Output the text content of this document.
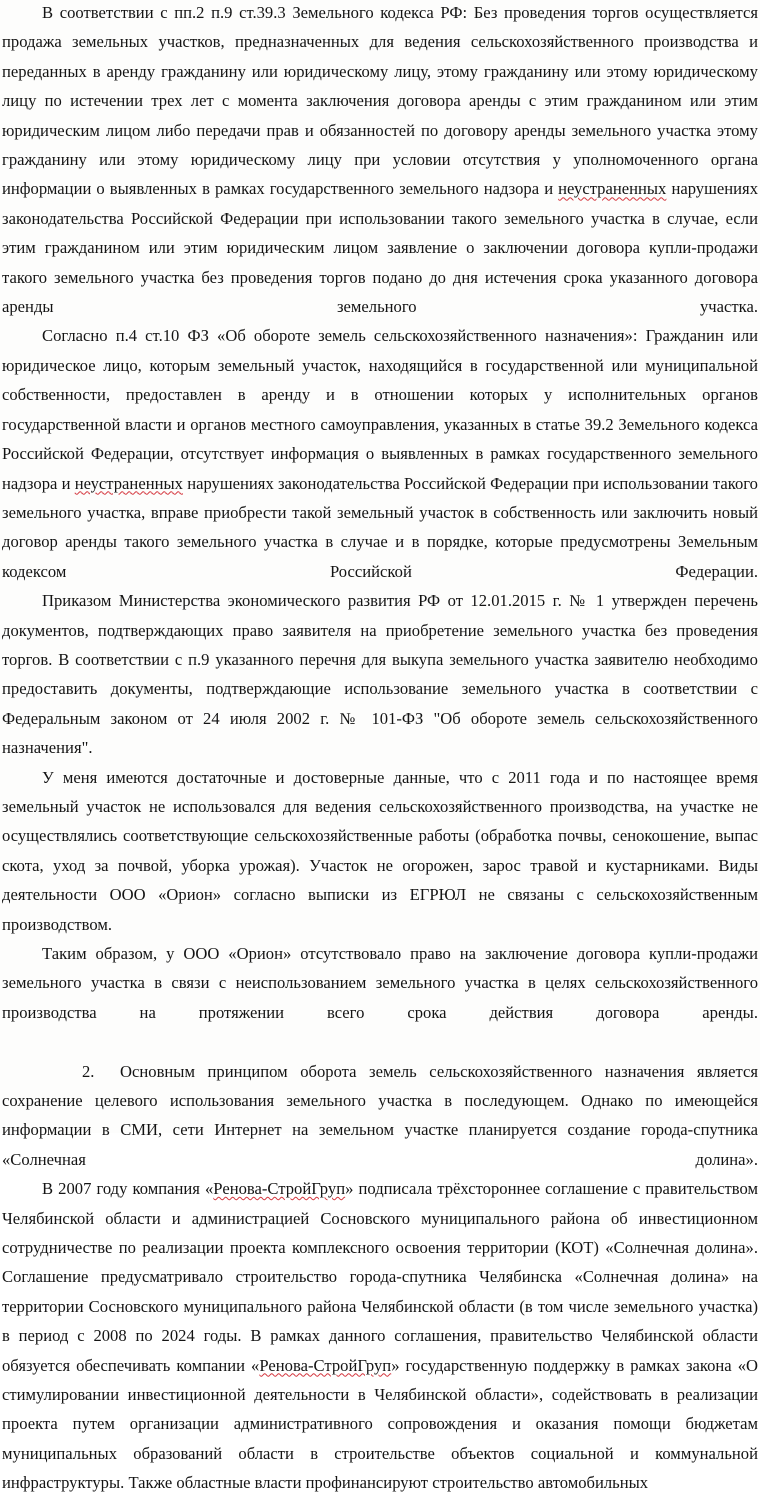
В соответствии с пп.2 п.9 ст.39.3 Земельного кодекса РФ: Без проведения торгов осуществляется продажа земельных участков, предназначенных для ведения сельскохозяйственного производства и переданных в аренду гражданину или юридическому лицу, этому гражданину или этому юридическому лицу по истечении трех лет с момента заключения договора аренды с этим гражданином или этим юридическим лицом либо передачи прав и обязанностей по договору аренды земельного участка этому гражданину или этому юридическому лицу при условии отсутствия у уполномоченного органа информации о выявленных в рамках государственного земельного надзора и неустраненных нарушениях законодательства Российской Федерации при использовании такого земельного участка в случае, если этим гражданином или этим юридическим лицом заявление о заключении договора купли-продажи такого земельного участка без проведения торгов подано до дня истечения срока указанного договора аренды земельного участка.

Согласно п.4 ст.10 ФЗ «Об обороте земель сельскохозяйственного назначения»: Гражданин или юридическое лицо, которым земельный участок, находящийся в государственной или муниципальной собственности, предоставлен в аренду и в отношении которых у исполнительных органов государственной власти и органов местного самоуправления, указанных в статье 39.2 Земельного кодекса Российской Федерации, отсутствует информация о выявленных в рамках государственного земельного надзора и неустраненных нарушениях законодательства Российской Федерации при использовании такого земельного участка, вправе приобрести такой земельный участок в собственность или заключить новый договор аренды такого земельного участка в случае и в порядке, которые предусмотрены Земельным кодексом Российской Федерации.

Приказом Министерства экономического развития РФ от 12.01.2015 г. № 1 утвержден перечень документов, подтверждающих право заявителя на приобретение земельного участка без проведения торгов. В соответствии с п.9 указанного перечня для выкупа земельного участка заявителю необходимо предоставить документы, подтверждающие использование земельного участка в соответствии с Федеральным законом от 24 июля 2002 г. № 101-ФЗ "Об обороте земель сельскохозяйственного назначения".

У меня имеются достаточные и достоверные данные, что с 2011 года и по настоящее время земельный участок не использовался для ведения сельскохозяйственного производства, на участке не осуществлялись соответствующие сельскохозяйственные работы (обработка почвы, сенокошение, выпас скота, уход за почвой, уборка урожая). Участок не огорожен, зарос травой и кустарниками. Виды деятельности ООО «Орион» согласно выписки из ЕГРЮЛ не связаны с сельскохозяйственным производством.

Таким образом, у ООО «Орион» отсутствовало право на заключение договора купли-продажи земельного участка в связи с неиспользованием земельного участка в целях сельскохозяйственного производства на протяжении всего срока действия договора аренды.

2. Основным принципом оборота земель сельскохозяйственного назначения является сохранение целевого использования земельного участка в последующем. Однако по имеющейся информации в СМИ, сети Интернет на земельном участке планируется создание города-спутника «Солнечная долина».

В 2007 году компания «Ренова-СтройГруп» подписала трёхстороннее соглашение с правительством Челябинской области и администрацией Сосновского муниципального района об инвестиционном сотрудничестве по реализации проекта комплексного освоения территории (КОТ) «Солнечная долина». Соглашение предусматривало строительство города-спутника Челябинска «Солнечная долина» на территории Сосновского муниципального района Челябинской области (в том числе земельного участка) в период с 2008 по 2024 годы. В рамках данного соглашения, правительство Челябинской области обязуется обеспечивать компании «Ренова-СтройГруп» государственную поддержку в рамках закона «О стимулировании инвестиционной деятельности в Челябинской области», содействовать в реализации проекта путем организации административного сопровождения и оказания помощи бюджетам муниципальных образований области в строительстве объектов социальной и коммунальной инфраструктуры. Также областные власти профинансируют строительство автомобильных
